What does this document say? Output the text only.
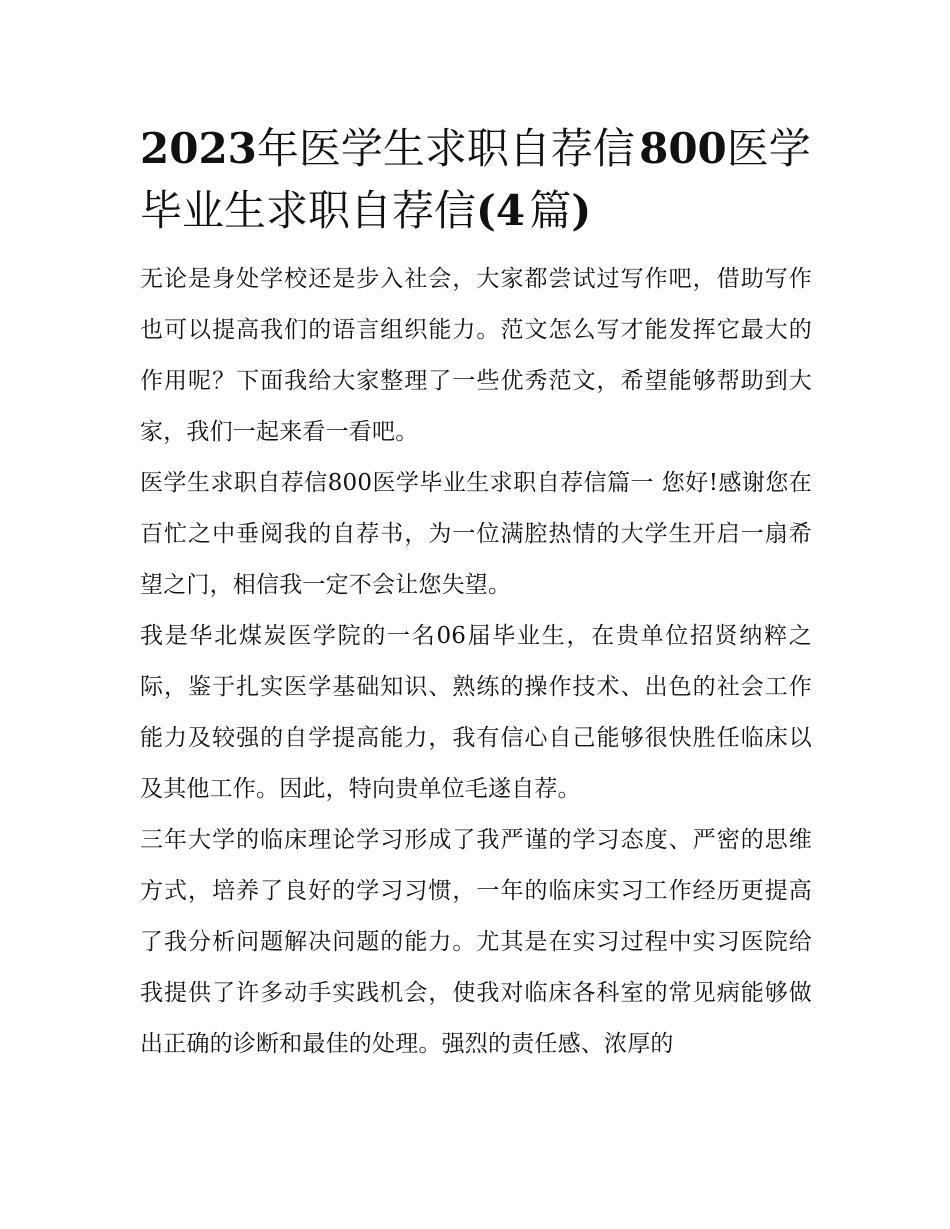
2023年医学生求职自荐信 800医学毕业生求职自荐信(4 篇)

无论是身处学校还是步入社会，大家都尝试过写作吧，借助写作也可以提高我们的语言组织能力。范文怎么写才能发挥它最大的作用呢？下面我给大家整理了一些优秀范文，希望能够帮助到大家，我们一起来看一看吧。

医学生求职自荐信800医学毕业生求职自荐信篇一 您好!感谢您在百忙之中垂阅我的自荐书，为一位满腔热情的大学生开启一扇希望之门，相信我一定不会让您失望。

我是华北煤炭医学院的一名06届毕业生，在贵单位招贤纳粹之际，鉴于扎实医学基础知识、熟练的操作技术、出色的社会工作能力及较强的自学提高能力，我有信心自己能够很快胜任临床以及其他工作。因此，特向贵单位毛遂自荐。

三年大学的临床理论学习形成了我严谨的学习态度、严密的思维方式，培养了良好的学习习惯，一年的临床实习工作经历更提高了我分析问题解决问题的能力。尤其是在实习过程中实习医院给我提供了许多动手实践机会，使我对临床各科室的常见病能够做出正确的诊断和最佳的处理。强烈的责任感、浓厚的
